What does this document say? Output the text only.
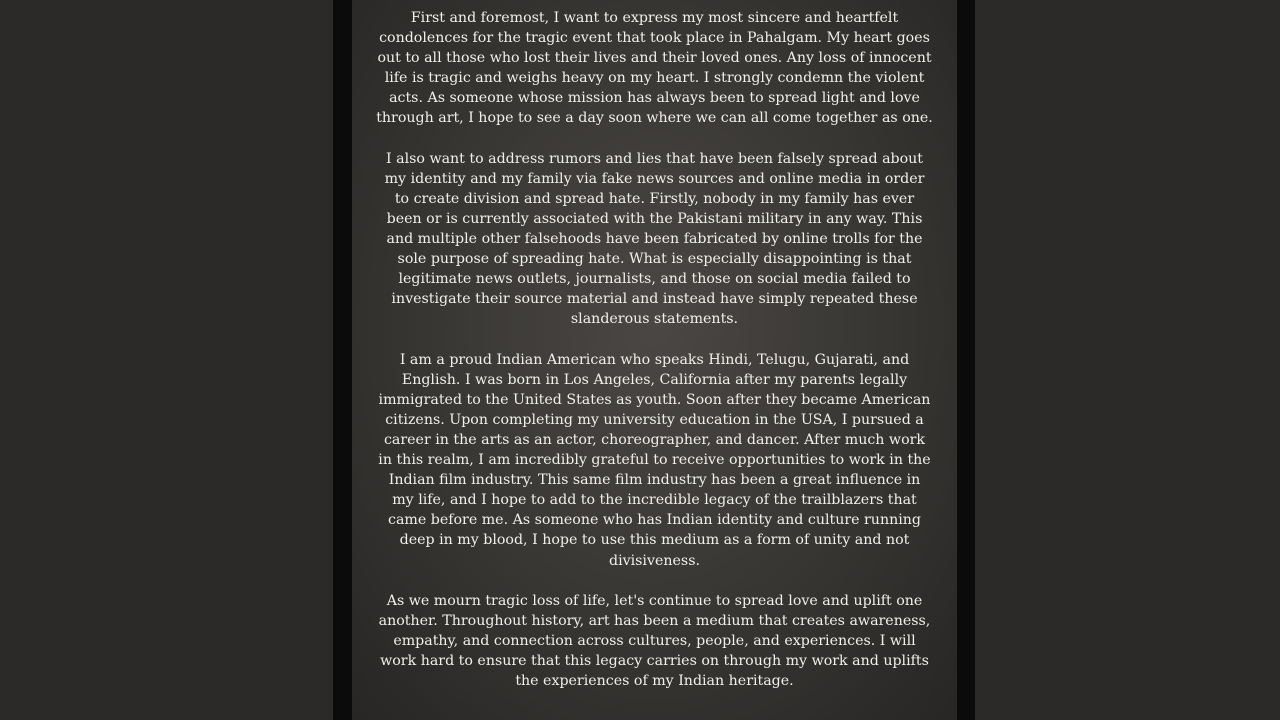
First and foremost, I want to express my most sincere and heartfelt condolences for the tragic event that took place in Pahalgam. My heart goes out to all those who lost their lives and their loved ones. Any loss of innocent life is tragic and weighs heavy on my heart. I strongly condemn the violent acts. As someone whose mission has always been to spread light and love through art, I hope to see a day soon where we can all come together as one.

I also want to address rumors and lies that have been falsely spread about my identity and my family via fake news sources and online media in order to create division and spread hate. Firstly, nobody in my family has ever been or is currently associated with the Pakistani military in any way. This and multiple other falsehoods have been fabricated by online trolls for the sole purpose of spreading hate. What is especially disappointing is that legitimate news outlets, journalists, and those on social media failed to investigate their source material and instead have simply repeated these slanderous statements.

I am a proud Indian American who speaks Hindi, Telugu, Gujarati, and English. I was born in Los Angeles, California after my parents legally immigrated to the United States as youth. Soon after they became American citizens. Upon completing my university education in the USA, I pursued a career in the arts as an actor, choreographer, and dancer. After much work in this realm, I am incredibly grateful to receive opportunities to work in the Indian film industry. This same film industry has been a great influence in my life, and I hope to add to the incredible legacy of the trailblazers that came before me. As someone who has Indian identity and culture running deep in my blood, I hope to use this medium as a form of unity and not divisiveness.

As we mourn tragic loss of life, let's continue to spread love and uplift one another. Throughout history, art has been a medium that creates awareness, empathy, and connection across cultures, people, and experiences. I will work hard to ensure that this legacy carries on through my work and uplifts the experiences of my Indian heritage.
